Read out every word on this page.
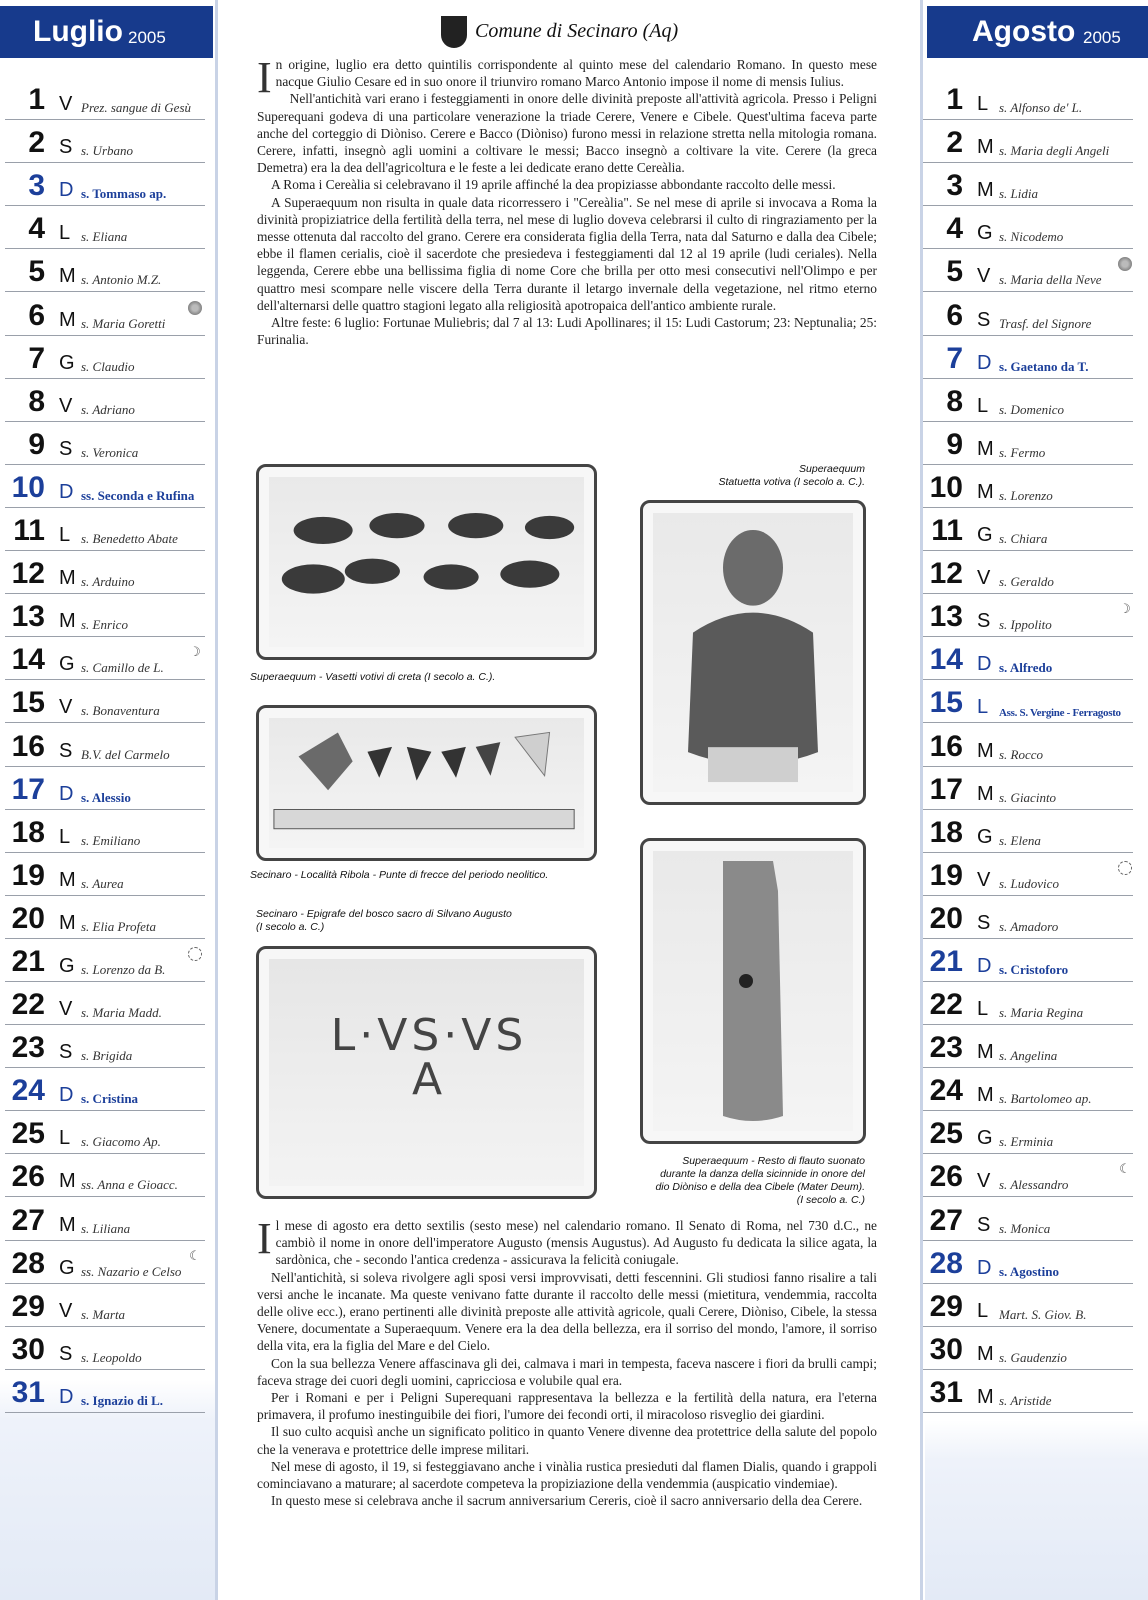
Luglio 2005
1 V Prez. sangue di Gesù
2 S s. Urbano
3 D s. Tommaso ap.
4 L s. Eliana
5 M s. Antonio M.Z.
6 M s. Maria Goretti
7 G s. Claudio
8 V s. Adriano
9 S s. Veronica
10 D ss. Seconda e Rufina
11 L s. Benedetto Abate
12 M s. Arduino
13 M s. Enrico
14 G s. Camillo de L.
☽
15 V s. Bonaventura
16 S B.V. del Carmelo
17 D s. Alessio
18 L s. Emiliano
19 M s. Aurea
20 M s. Elia Profeta
21 G s. Lorenzo da B.
22 V s. Maria Madd.
23 S s. Brigida
24 D s. Cristina
25 L s. Giacomo Ap.
26 M ss. Anna e Gioacc.
27 M s. Liliana
28 G ss. Nazario e Celso
☾
29 V s. Marta
30 S s. Leopoldo
31 D s. Ignazio di L.
Comune di Secinaro (Aq)

In origine, luglio era detto quintilis corrispondente al quinto mese del calendario Romano. In questo mese nacque Giulio Cesare ed in suo onore il triunviro romano Marco Antonio impose il nome di mensis Iulius.

Nell'antichità vari erano i festeggiamenti in onore delle divinità preposte all'attività agricola. Presso i Peligni Superequani godeva di una particolare venerazione la triade Cerere, Venere e Cibele. Quest'ultima faceva parte anche del corteggio di Diòniso. Cerere e Bacco (Diòniso) furono messi in relazione stretta nella mitologia romana. Cerere, infatti, insegnò agli uomini a coltivare le messi; Bacco insegnò a coltivare la vite. Cerere (la greca Demetra) era la dea dell'agricoltura e le feste a lei dedicate erano dette Cereàlia.

A Roma i Cereàlia si celebravano il 19 aprile affinché la dea propiziasse abbondante raccolto delle messi.

A Superaequum non risulta in quale data ricorressero i "Cereàlia". Se nel mese di aprile si invocava a Roma la divinità propiziatrice della fertilità della terra, nel mese di luglio doveva celebrarsi il culto di ringraziamento per la messe ottenuta dal raccolto del grano. Cerere era considerata figlia della Terra, nata dal Saturno e dalla dea Cibele; ebbe il flamen cerialis, cioè il sacerdote che presiedeva i festeggiamenti dal 12 al 19 aprile (ludi ceriales). Nella leggenda, Cerere ebbe una bellissima figlia di nome Core che brilla per otto mesi consecutivi nell'Olimpo e per quattro mesi scompare nelle viscere della Terra durante il letargo invernale della vegetazione, nel ritmo eterno dell'alternarsi delle quattro stagioni legato alla religiosità apotropaica dell'antico ambiente rurale.

Altre feste: 6 luglio: Fortunae Muliebris; dal 7 al 13: Ludi Apollinares; il 15: Ludi Castorum; 23: Neptunalia; 25: Furinalia.

Superaequum - Vasetti votivi di creta (I secolo a. C.).
Superaequum
Statuetta votiva (I secolo a. C.).
Secinaro - Località Ribola - Punte di frecce del periodo neolitico.
Superaequum - Resto di flauto suonato
durante la danza della sicinnide in onore del
dio Diòniso e della dea Cibele (Mater Deum).
(I secolo a. C.)
Secinaro - Epigrafe del bosco sacro di Silvano Augusto
(I secolo a. C.)
L·VS·VS
A

Il mese di agosto era detto sextilis (sesto mese) nel calendario romano. Il Senato di Roma, nel 730 d.C., ne cambiò il nome in onore dell'imperatore Augusto (mensis Augustus). Ad Augusto fu dedicata la silice agata, la sardònica, che - secondo l'antica credenza - assicurava la felicità coniugale.

Nell'antichità, si soleva rivolgere agli sposi versi improvvisati, detti fescennini. Gli studiosi fanno risalire a tali versi anche le incanate. Ma queste venivano fatte durante il raccolto delle messi (mietitura, vendemmia, raccolta delle olive ecc.), erano pertinenti alle divinità preposte alle attività agricole, quali Cerere, Diòniso, Cibele, la stessa Venere, documentate a Superaequum. Venere era la dea della bellezza, era il sorriso del mondo, l'amore, il sorriso della vita, era la figlia del Mare e del Cielo.

Con la sua bellezza Venere affascinava gli dei, calmava i mari in tempesta, faceva nascere i fiori da brulli campi; faceva strage dei cuori degli uomini, capricciosa e volubile qual era.

Per i Romani e per i Peligni Superequani rappresentava la bellezza e la fertilità della natura, era l'eterna primavera, il profumo inestinguibile dei fiori, l'umore dei fecondi orti, il miracoloso risveglio dei giardini.

Il suo culto acquisì anche un significato politico in quanto Venere divenne dea protettrice della salute del popolo che la venerava e protettrice delle imprese militari.

Nel mese di agosto, il 19, si festeggiavano anche i vinàlia rustica presieduti dal flamen Dialis, quando i grappoli cominciavano a maturare; al sacerdote competeva la propiziazione della vendemmia (auspicatio vindemiae).

In questo mese si celebrava anche il sacrum anniversarium Cereris, cioè il sacro anniversario della dea Cerere.

Agosto 2005
1 L s. Alfonso de' L.
2 M s. Maria degli Angeli
3 M s. Lidia
4 G s. Nicodemo
5 V s. Maria della Neve
6 S Trasf. del Signore
7 D s. Gaetano da T.
8 L s. Domenico
9 M s. Fermo
10 M s. Lorenzo
11 G s. Chiara
12 V s. Geraldo
13 S s. Ippolito
☽
14 D s. Alfredo
15 L Ass. S. Vergine - Ferragosto
16 M s. Rocco
17 M s. Giacinto
18 G s. Elena
19 V s. Ludovico
20 S s. Amadoro
21 D s. Cristoforo
22 L s. Maria Regina
23 M s. Angelina
24 M s. Bartolomeo ap.
25 G s. Erminia
26 V s. Alessandro
☾
27 S s. Monica
28 D s. Agostino
29 L Mart. S. Giov. B.
30 M s. Gaudenzio
31 M s. Aristide
